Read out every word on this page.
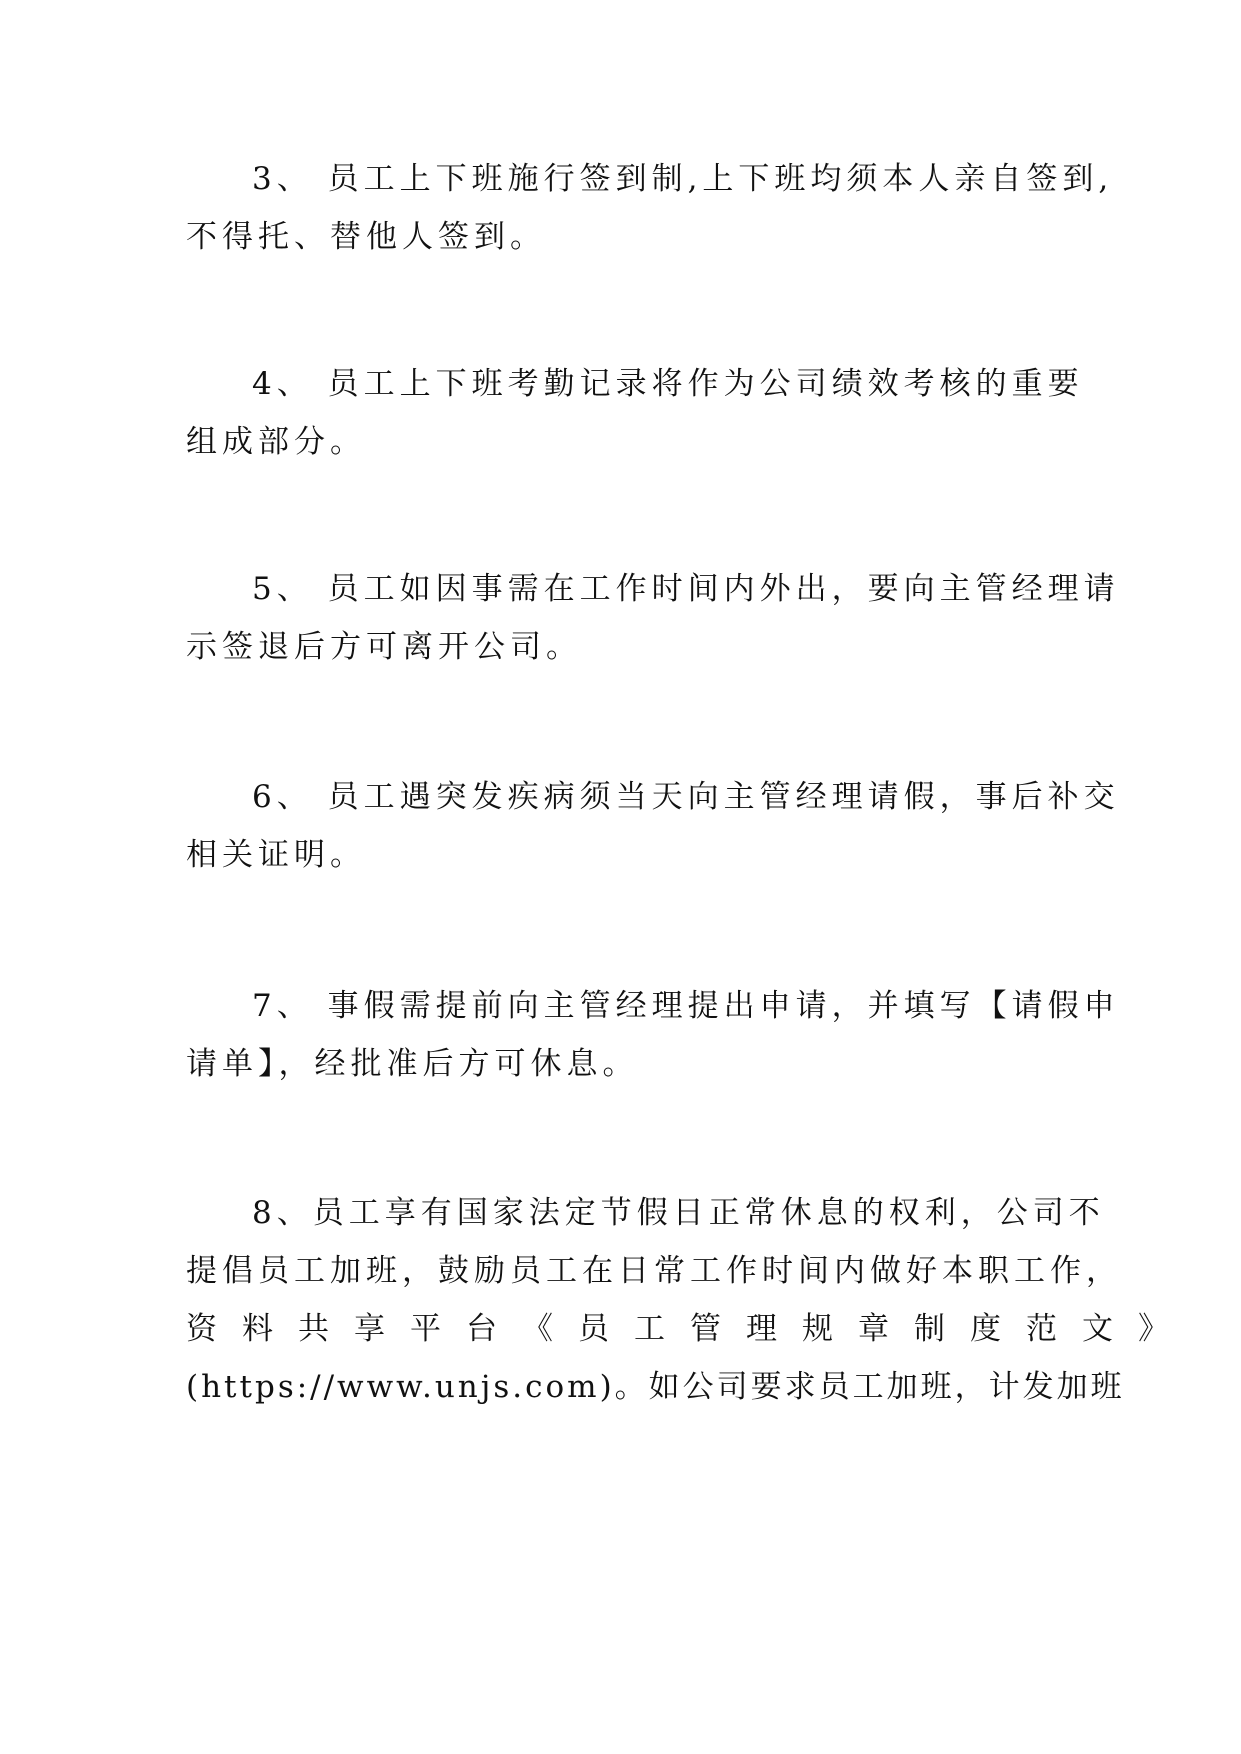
3、 员工上下班施行签到制,上下班均须本人亲自签到,
不得托、替他人签到。
4、 员工上下班考勤记录将作为公司绩效考核的重要
组成部分。
5、 员工如因事需在工作时间内外出，要向主管经理请
示签退后方可离开公司。
6、 员工遇突发疾病须当天向主管经理请假，事后补交
相关证明。
7、 事假需提前向主管经理提出申请，并填写【请假申
请单】，经批准后方可休息。
8、员工享有国家法定节假日正常休息的权利，公司不
提倡员工加班，鼓励员工在日常工作时间内做好本职工作，
资料共享平台《员工管理规章制度范文》
(https://www.unjs.com)。如公司要求员工加班，计发加班
